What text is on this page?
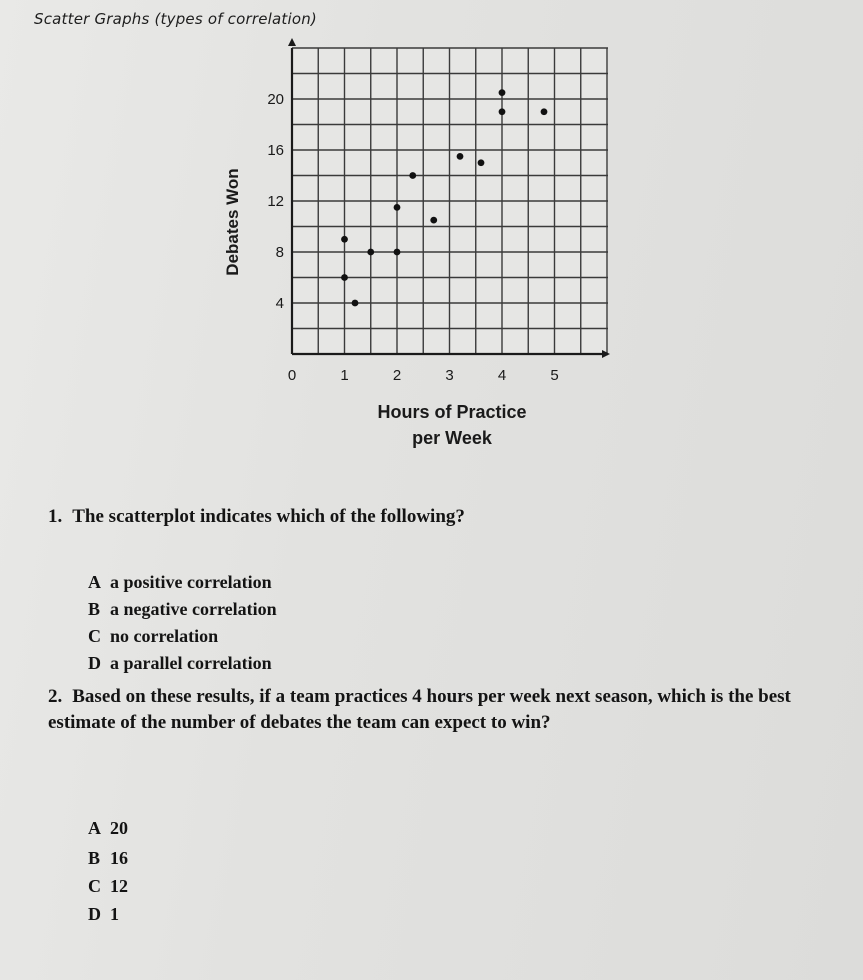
Scatter Graphs (types of correlation)
0	1	2	3	4	5
4
8
12
16
20
Debates Won
Hours of Practice
per Week
1. The scatterplot indicates which of the following?
A a positive correlation
B a negative correlation
C no correlation
D a parallel correlation
2. Based on these results, if a team practices 4 hours per week next season, which is the best estimate of the number of debates the team can expect to win?
A 20
B 16
C 12
D 1
